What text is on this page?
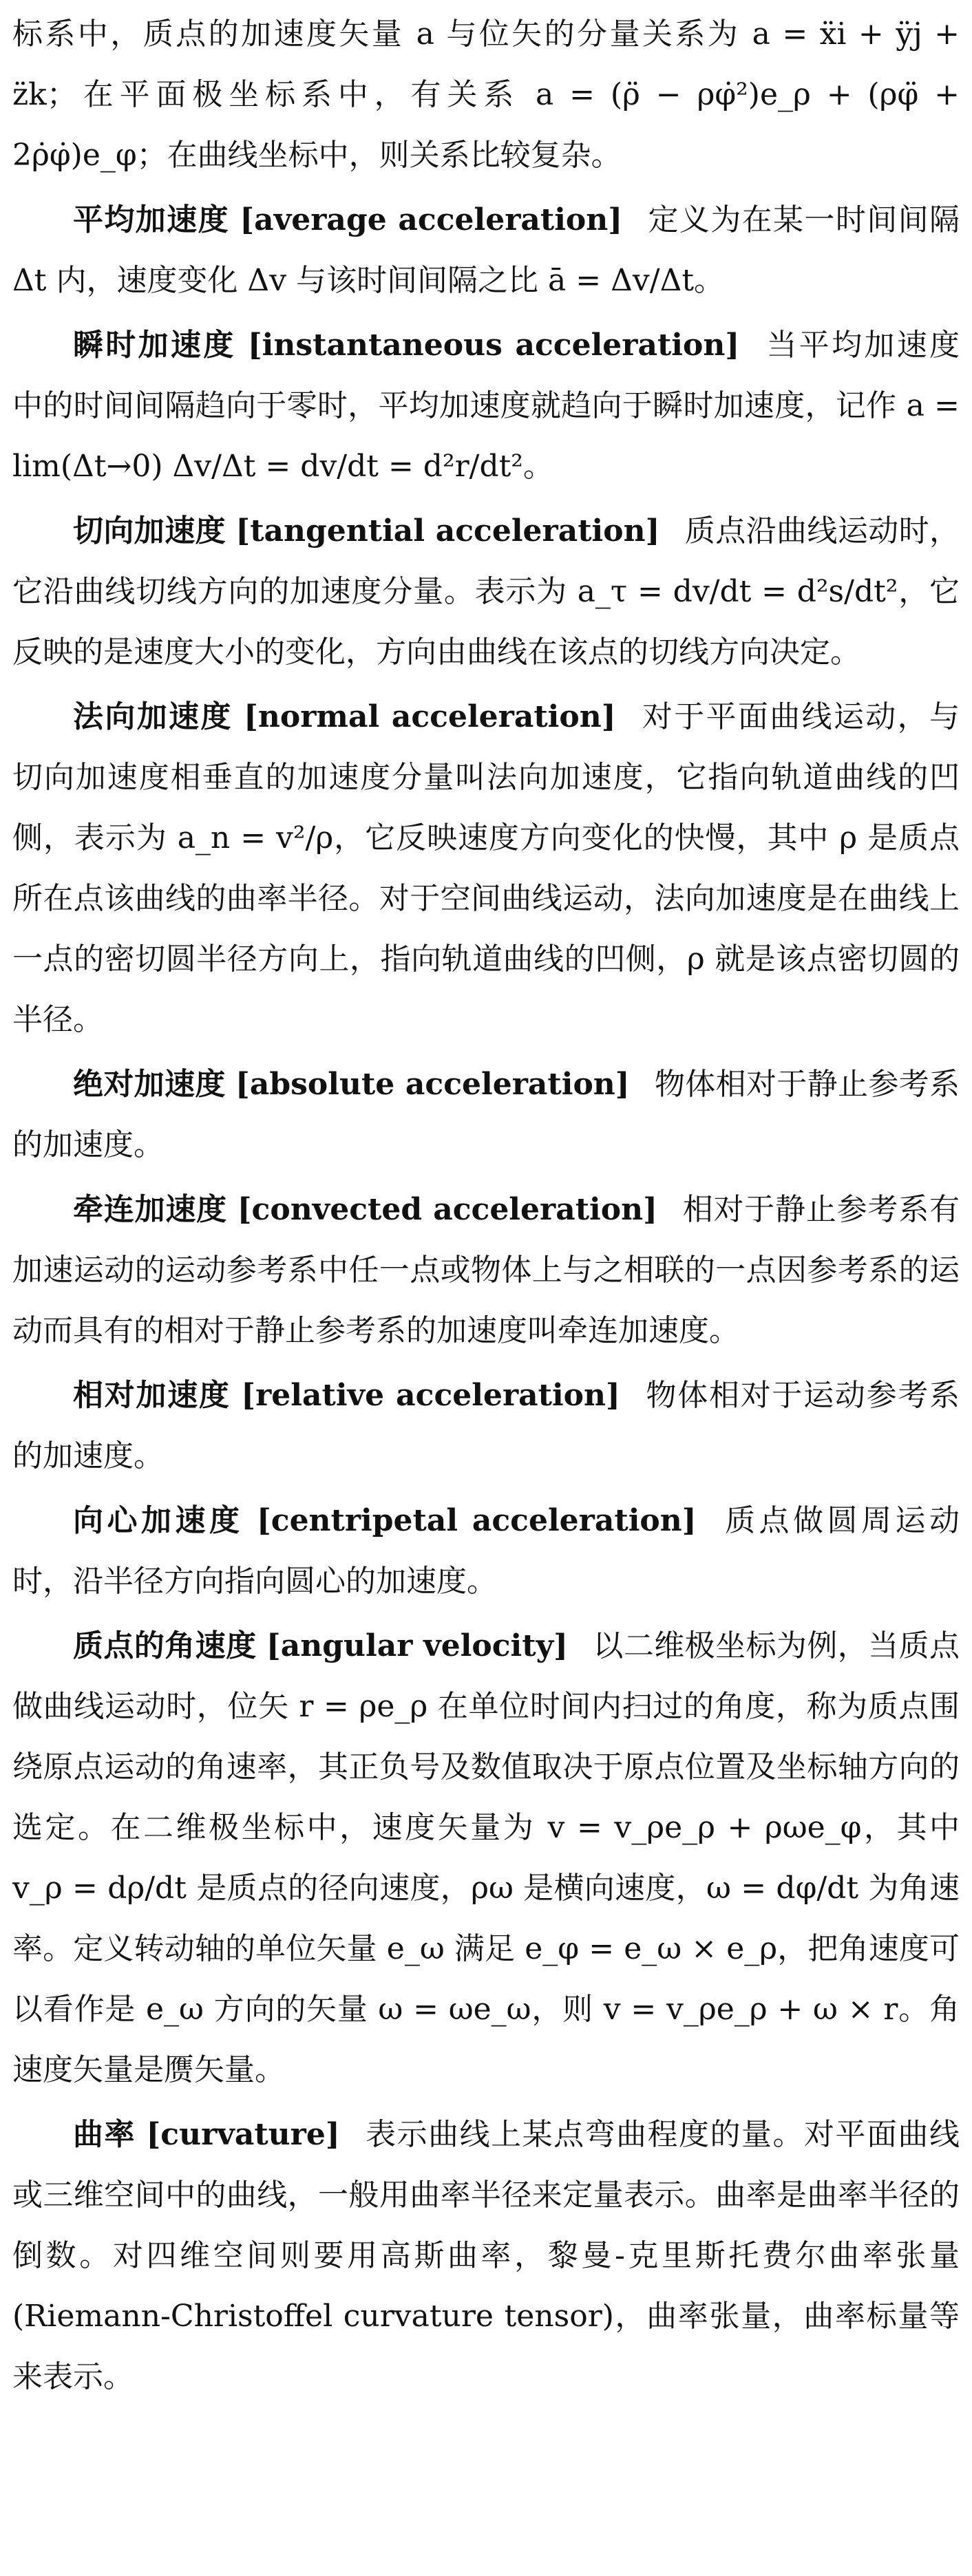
标系中，质点的加速度矢量 a 与位矢的分量关系为 a = ẍi + ÿj + z̈k；在平面极坐标系中，有关系 a = (ρ̈ − ρφ̇²)e_ρ + (ρφ̈ + 2ρ̇φ̇)e_φ；在曲线坐标中，则关系比较复杂。

平均加速度 [average acceleration] 定义为在某一时间间隔 Δt 内，速度变化 Δv 与该时间间隔之比 ā = Δv/Δt。

瞬时加速度 [instantaneous acceleration] 当平均加速度中的时间间隔趋向于零时，平均加速度就趋向于瞬时加速度，记作 a = lim(Δt→0) Δv/Δt = dv/dt = d²r/dt²。

切向加速度 [tangential acceleration] 质点沿曲线运动时，它沿曲线切线方向的加速度分量。表示为 a_τ = dv/dt = d²s/dt²，它反映的是速度大小的变化，方向由曲线在该点的切线方向决定。

法向加速度 [normal acceleration] 对于平面曲线运动，与切向加速度相垂直的加速度分量叫法向加速度，它指向轨道曲线的凹侧，表示为 a_n = v²/ρ，它反映速度方向变化的快慢，其中 ρ 是质点所在点该曲线的曲率半径。对于空间曲线运动，法向加速度是在曲线上一点的密切圆半径方向上，指向轨道曲线的凹侧，ρ 就是该点密切圆的半径。

绝对加速度 [absolute acceleration] 物体相对于静止参考系的加速度。

牵连加速度 [convected acceleration] 相对于静止参考系有加速运动的运动参考系中任一点或物体上与之相联的一点因参考系的运动而具有的相对于静止参考系的加速度叫牵连加速度。

相对加速度 [relative acceleration] 物体相对于运动参考系的加速度。

向心加速度 [centripetal acceleration] 质点做圆周运动时，沿半径方向指向圆心的加速度。

质点的角速度 [angular velocity] 以二维极坐标为例，当质点做曲线运动时，位矢 r = ρe_ρ 在单位时间内扫过的角度，称为质点围绕原点运动的角速率，其正负号及数值取决于原点位置及坐标轴方向的选定。在二维极坐标中，速度矢量为 v = v_ρe_ρ + ρωe_φ，其中 v_ρ = dρ/dt 是质点的径向速度，ρω 是横向速度，ω = dφ/dt 为角速率。定义转动轴的单位矢量 e_ω 满足 e_φ = e_ω × e_ρ，把角速度可以看作是 e_ω 方向的矢量 ω = ωe_ω，则 v = v_ρe_ρ + ω × r。角速度矢量是赝矢量。

曲率 [curvature] 表示曲线上某点弯曲程度的量。对平面曲线或三维空间中的曲线，一般用曲率半径来定量表示。曲率是曲率半径的倒数。对四维空间则要用高斯曲率，黎曼-克里斯托费尔曲率张量 (Riemann-Christoffel curvature tensor)，曲率张量，曲率标量等来表示。
